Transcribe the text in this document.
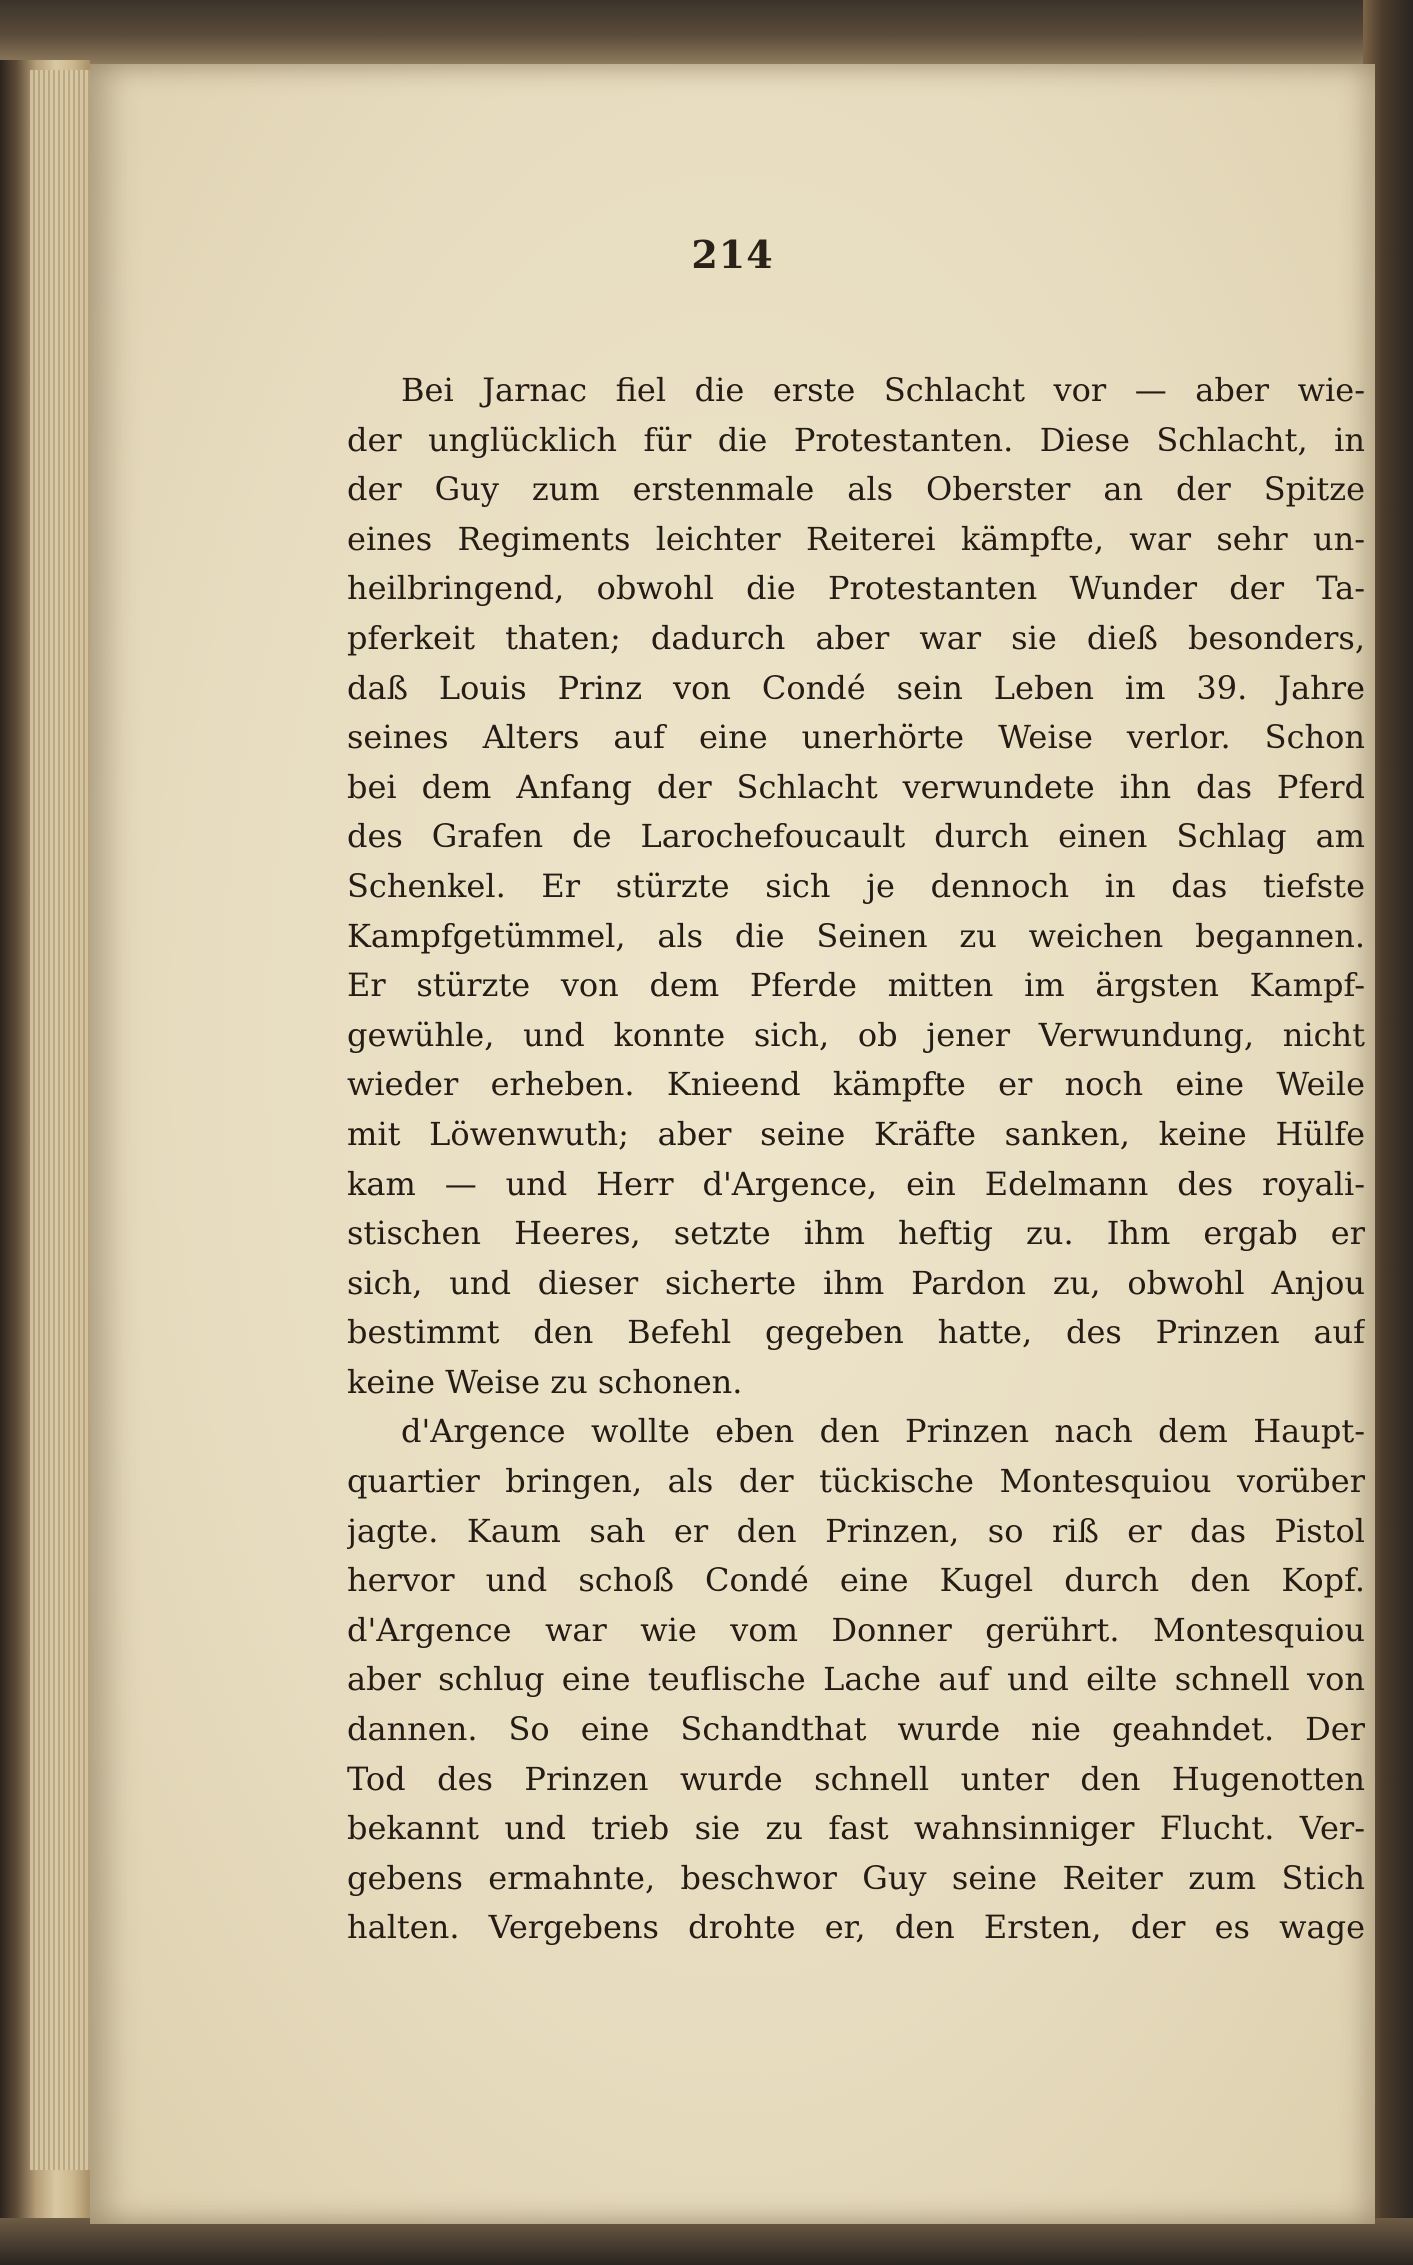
214
Bei Jarnac fiel die erste Schlacht vor — aber wie-
der unglücklich für die Protestanten. Diese Schlacht, in
der Guy zum erstenmale als Oberster an der Spitze
eines Regiments leichter Reiterei kämpfte, war sehr un-
heilbringend, obwohl die Protestanten Wunder der Ta-
pferkeit thaten; dadurch aber war sie dieß besonders,
daß Louis Prinz von Condé sein Leben im 39. Jahre
seines Alters auf eine unerhörte Weise verlor. Schon
bei dem Anfang der Schlacht verwundete ihn das Pferd
des Grafen de Larochefoucault durch einen Schlag am
Schenkel. Er stürzte sich je dennoch in das tiefste
Kampfgetümmel, als die Seinen zu weichen begannen.
Er stürzte von dem Pferde mitten im ärgsten Kampf-
gewühle, und konnte sich, ob jener Verwundung, nicht
wieder erheben. Knieend kämpfte er noch eine Weile
mit Löwenwuth; aber seine Kräfte sanken, keine Hülfe
kam — und Herr d'Argence, ein Edelmann des royali-
stischen Heeres, setzte ihm heftig zu. Ihm ergab er
sich, und dieser sicherte ihm Pardon zu, obwohl Anjou
bestimmt den Befehl gegeben hatte, des Prinzen auf
keine Weise zu schonen.
d'Argence wollte eben den Prinzen nach dem Haupt-
quartier bringen, als der tückische Montesquiou vorüber
jagte. Kaum sah er den Prinzen, so riß er das Pistol
hervor und schoß Condé eine Kugel durch den Kopf.
d'Argence war wie vom Donner gerührt. Montesquiou
aber schlug eine teuflische Lache auf und eilte schnell von
dannen. So eine Schandthat wurde nie geahndet. Der
Tod des Prinzen wurde schnell unter den Hugenotten
bekannt und trieb sie zu fast wahnsinniger Flucht. Ver-
gebens ermahnte, beschwor Guy seine Reiter zum Stich
halten. Vergebens drohte er, den Ersten, der es wage
